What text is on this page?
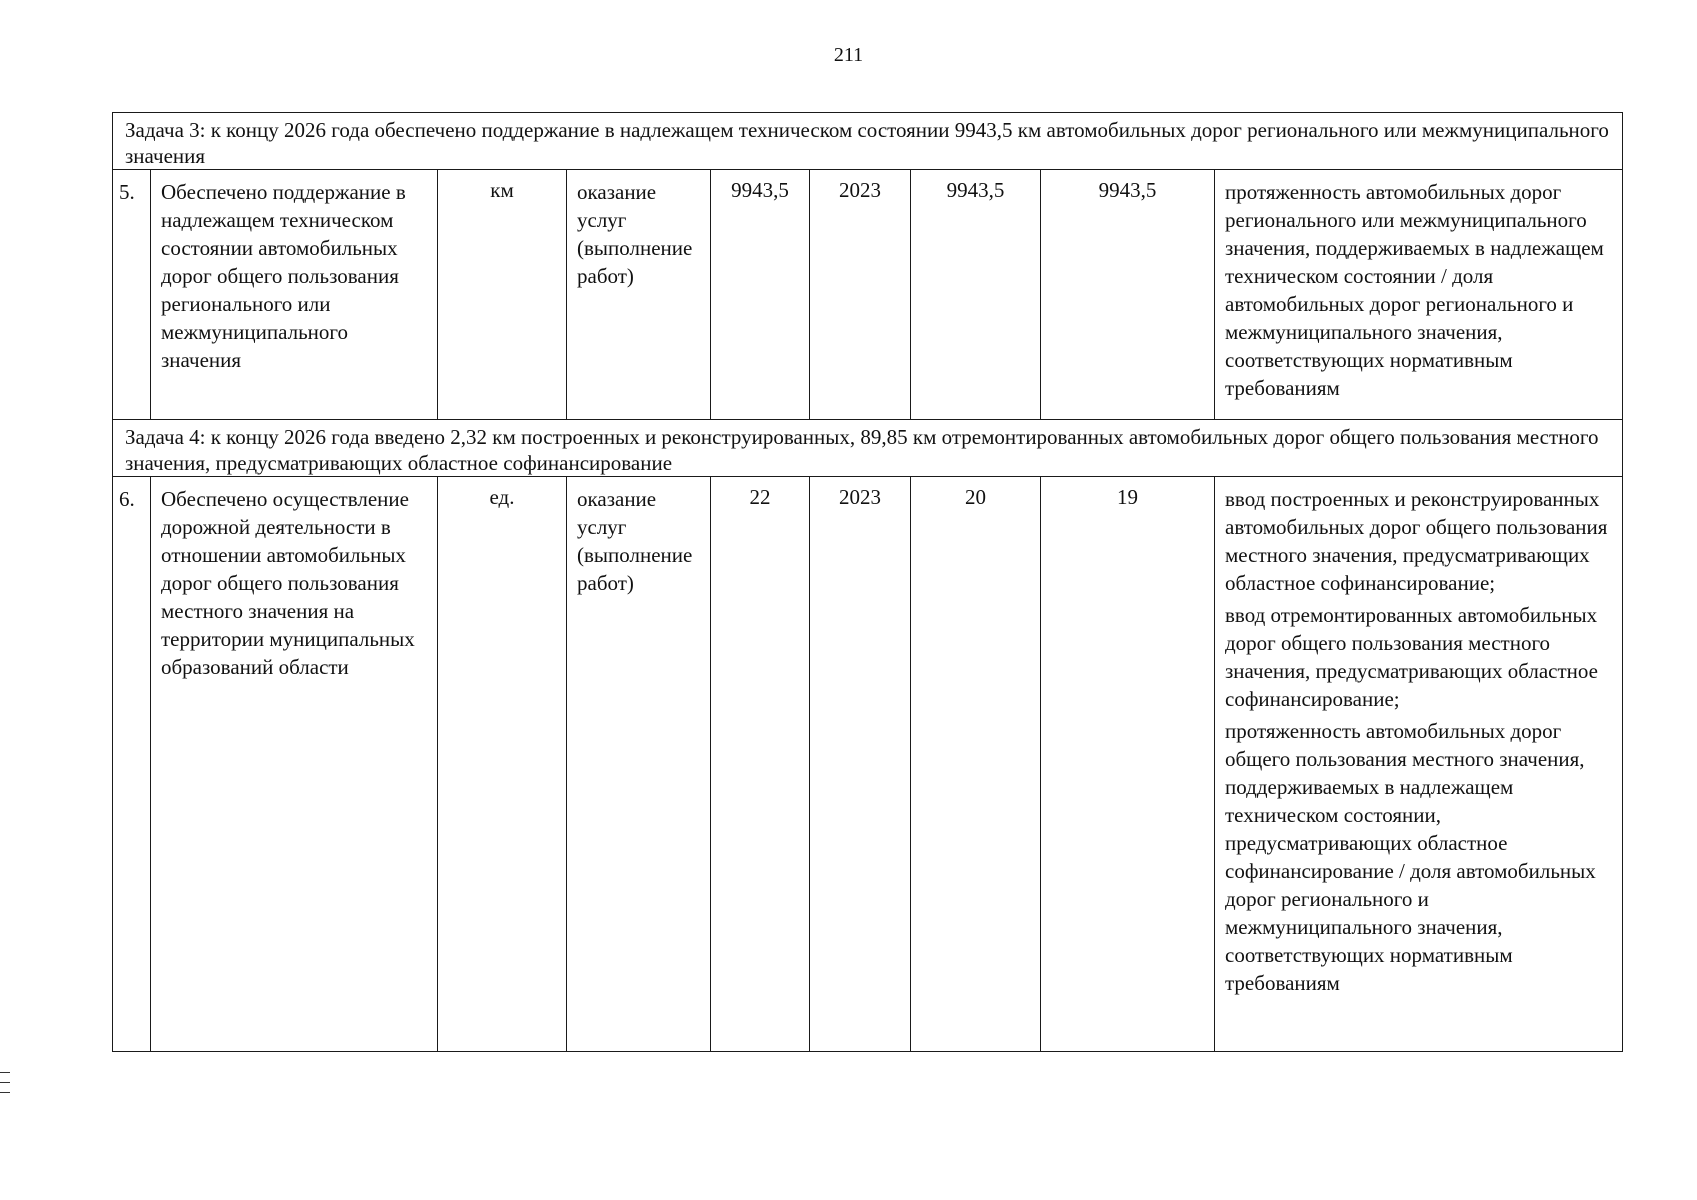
211
Задача 3: к концу 2026 года обеспечено поддержание в надлежащем техническом состоянии 9943,5 км автомобильных дорог регионального или межмуниципального значения								
5.	Обеспечено поддержание в надлежащем техническом состоянии автомобильных дорог общего пользования регионального или межмуниципального значения	км	оказание услуг (выполнение работ)	9943,5	2023	9943,5	9943,5	протяженность автомобильных дорог регионального или межмуниципального значения, поддерживаемых в надлежащем техническом состоянии / доля автомобильных дорог регионального и межмуниципального значения, соответствующих нормативным требованиям

Задача 4: к концу 2026 года введено 2,32 км построенных и реконструированных, 89,85 км отремонтированных автомобильных дорог общего пользования местного значения, предусматривающих областное софинансирование								
6.	Обеспечено осуществление дорожной деятельности в отношении автомобильных дорог общего пользования местного значения на территории муниципальных образований области	ед.	оказание услуг (выполнение работ)	22	2023	20	19	ввод построенных и реконструированных автомобильных дорог общего пользования местного значения, предусматривающих областное софинансирование;

ввод отремонтированных автомобильных дорог общего пользования местного значения, предусматривающих областное софинансирование;

протяженность автомобильных дорог общего пользования местного значения, поддерживаемых в надлежащем техническом состоянии, предусматривающих областное софинансирование / доля автомобильных дорог регионального и межмуниципального значения, соответствующих нормативным требованиям
